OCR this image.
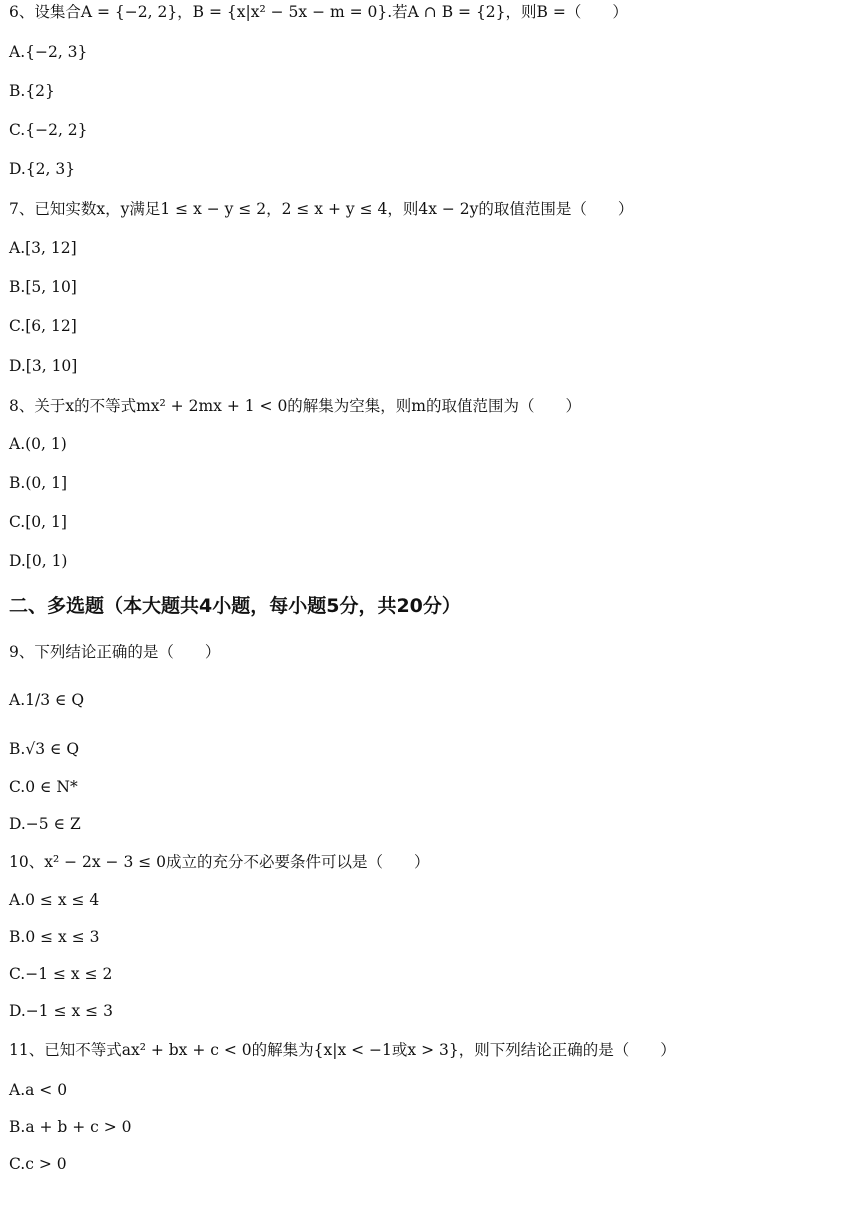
6、设集合A = {−2, 2}，B = {x|x² − 5x − m = 0}.若A ∩ B = {2}，则B =（　　）
A.{−2, 3}
B.{2}
C.{−2, 2}
D.{2, 3}
7、已知实数x，y满足1 ≤ x − y ≤ 2，2 ≤ x + y ≤ 4，则4x − 2y的取值范围是（　　）
A.[3, 12]
B.[5, 10]
C.[6, 12]
D.[3, 10]
8、关于x的不等式mx² + 2mx + 1 < 0的解集为空集，则m的取值范围为（　　）
A.(0, 1)
B.(0, 1]
C.[0, 1]
D.[0, 1)
二、多选题（本大题共4小题，每小题5分，共20分）
9、下列结论正确的是（　　）
A.1/3 ∈ Q
B.√3 ∈ Q
C.0 ∈ N*
D.−5 ∈ Z
10、x² − 2x − 3 ≤ 0成立的充分不必要条件可以是（　　）
A.0 ≤ x ≤ 4
B.0 ≤ x ≤ 3
C.−1 ≤ x ≤ 2
D.−1 ≤ x ≤ 3
11、已知不等式ax² + bx + c < 0的解集为{x|x < −1或x > 3}，则下列结论正确的是（　　）
A.a < 0
B.a + b + c > 0
C.c > 0
